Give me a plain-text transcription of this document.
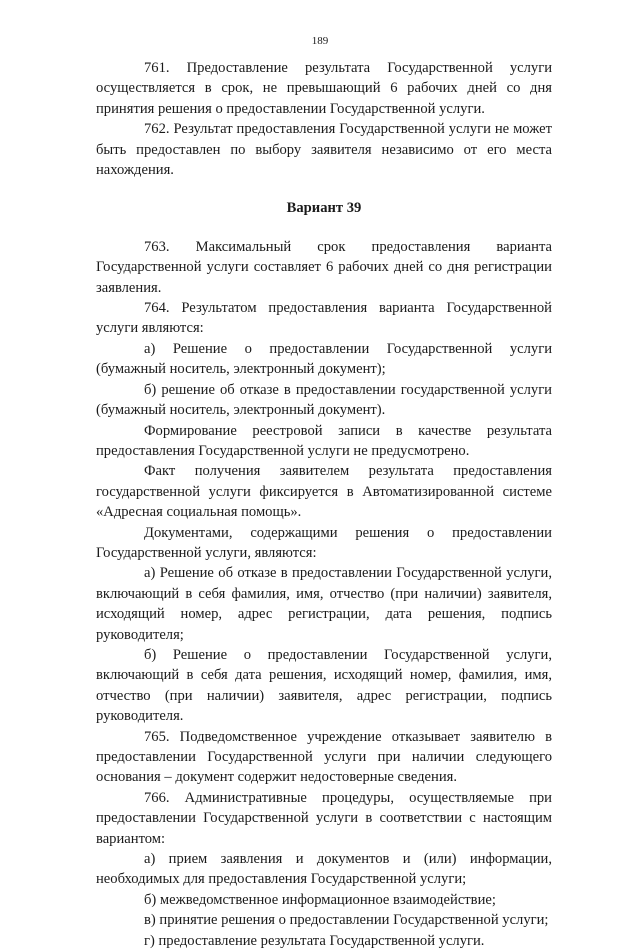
189

761. Предоставление результата Государственной услуги осуществляется в срок, не превышающий 6 рабочих дней со дня принятия решения о предоставлении Государственной услуги.

762. Результат предоставления Государственной услуги не может быть предоставлен по выбору заявителя независимо от его места нахождения.

Вариант 39

763. Максимальный срок предоставления варианта Государственной услуги составляет 6 рабочих дней со дня регистрации заявления.

764. Результатом предоставления варианта Государственной услуги являются:

а) Решение о предоставлении Государственной услуги (бумажный носитель, электронный документ);

б) решение об отказе в предоставлении государственной услуги (бумажный носитель, электронный документ).

Формирование реестровой записи в качестве результата предоставления Государственной услуги не предусмотрено.

Факт получения заявителем результата предоставления государственной услуги фиксируется в Автоматизированной системе «Адресная социальная помощь».

Документами, содержащими решения о предоставлении Государственной услуги, являются:

а) Решение об отказе в предоставлении Государственной услуги, включающий в себя фамилия, имя, отчество (при наличии) заявителя, исходящий номер, адрес регистрации, дата решения, подпись руководителя;

б) Решение о предоставлении Государственной услуги, включающий в себя дата решения, исходящий номер, фамилия, имя, отчество (при наличии) заявителя, адрес регистрации, подпись руководителя.

765. Подведомственное учреждение отказывает заявителю в предоставлении Государственной услуги при наличии следующего основания – документ содержит недостоверные сведения.

766. Административные процедуры, осуществляемые при предоставлении Государственной услуги в соответствии с настоящим вариантом:

а) прием заявления и документов и (или) информации, необходимых для предоставления Государственной услуги;

б) межведомственное информационное взаимодействие;

в) принятие решения о предоставлении Государственной услуги;

г) предоставление результата Государственной услуги.
